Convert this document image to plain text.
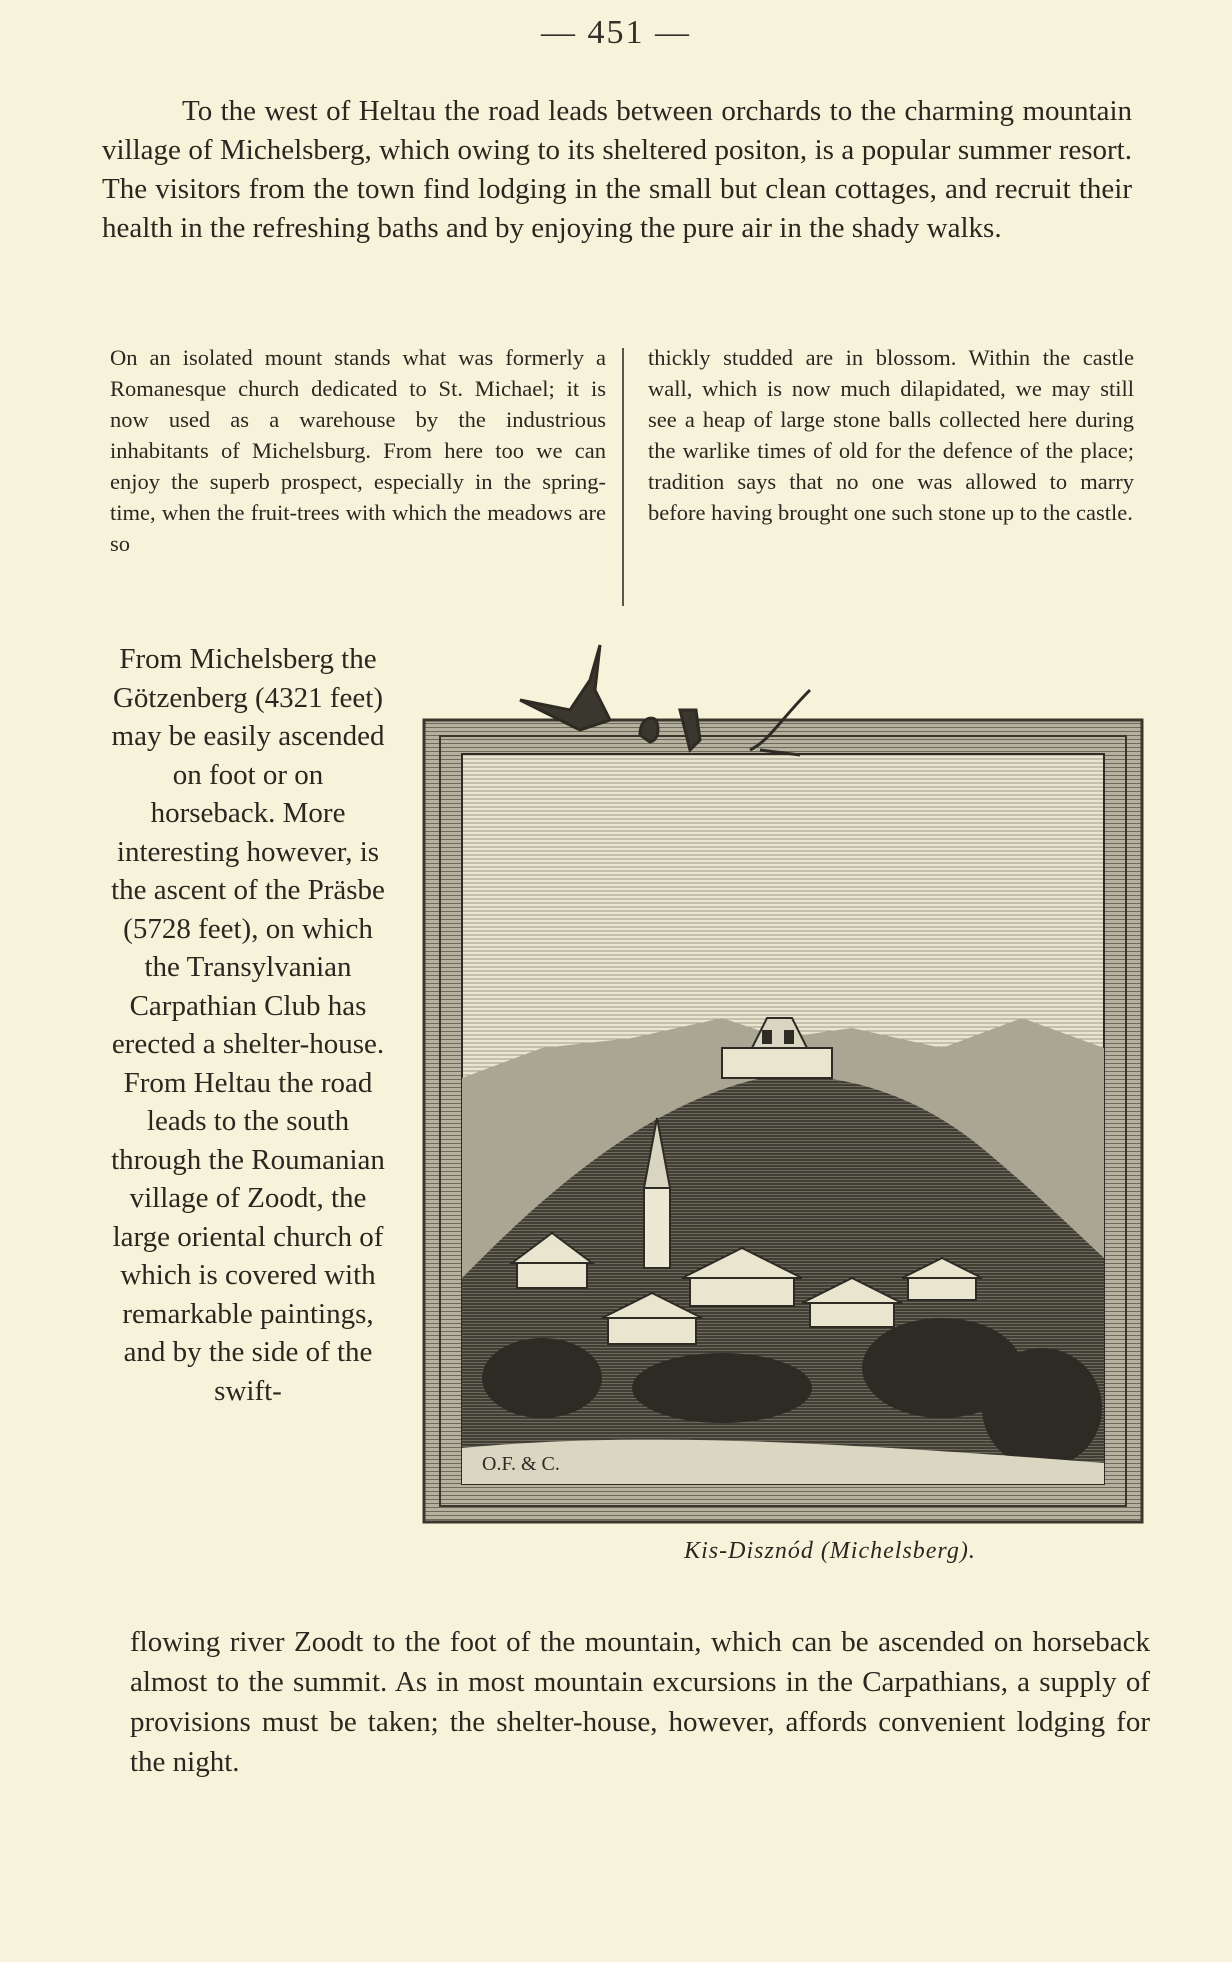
— 451 —

To the west of Heltau the road leads between orchards to the charming mountain village of Michelsberg, which owing to its sheltered positon, is a popular summer resort. The visitors from the town find lodging in the small but clean cottages, and recruit their health in the refreshing baths and by enjoying the pure air in the shady walks.

On an isolated mount stands what was formerly a Romanesque church dedicated to St. Michael; it is now used as a warehouse by the industrious inhabitants of Michelsburg. From here too we can enjoy the superb prospect, especially in the spring-time, when the fruit-trees with which the meadows are so

thickly studded are in blossom. Within the castle wall, which is now much dilapidated, we may still see a heap of large stone balls collected here during the warlike times of old for the defence of the place; tradition says that no one was allowed to marry before having brought one such stone up to the castle.

From Michelsberg the Götzenberg (4321 feet) may be easily ascended on foot or on horseback. More interesting however, is the ascent of the Präsbe (5728 feet), on which the Transylvanian Carpathian Club has erected a shelter-house. From Heltau the road leads to the south through the Roumanian village of Zoodt, the large oriental church of which is covered with remarkable paintings, and by the side of the swift-

O.F. & C.

Kis-Disznód (Michelsberg).

flowing river Zoodt to the foot of the mountain, which can be ascended on horseback almost to the summit. As in most mountain excursions in the Carpathians, a supply of provisions must be taken; the shelter-house, however, affords convenient lodging for the night.
